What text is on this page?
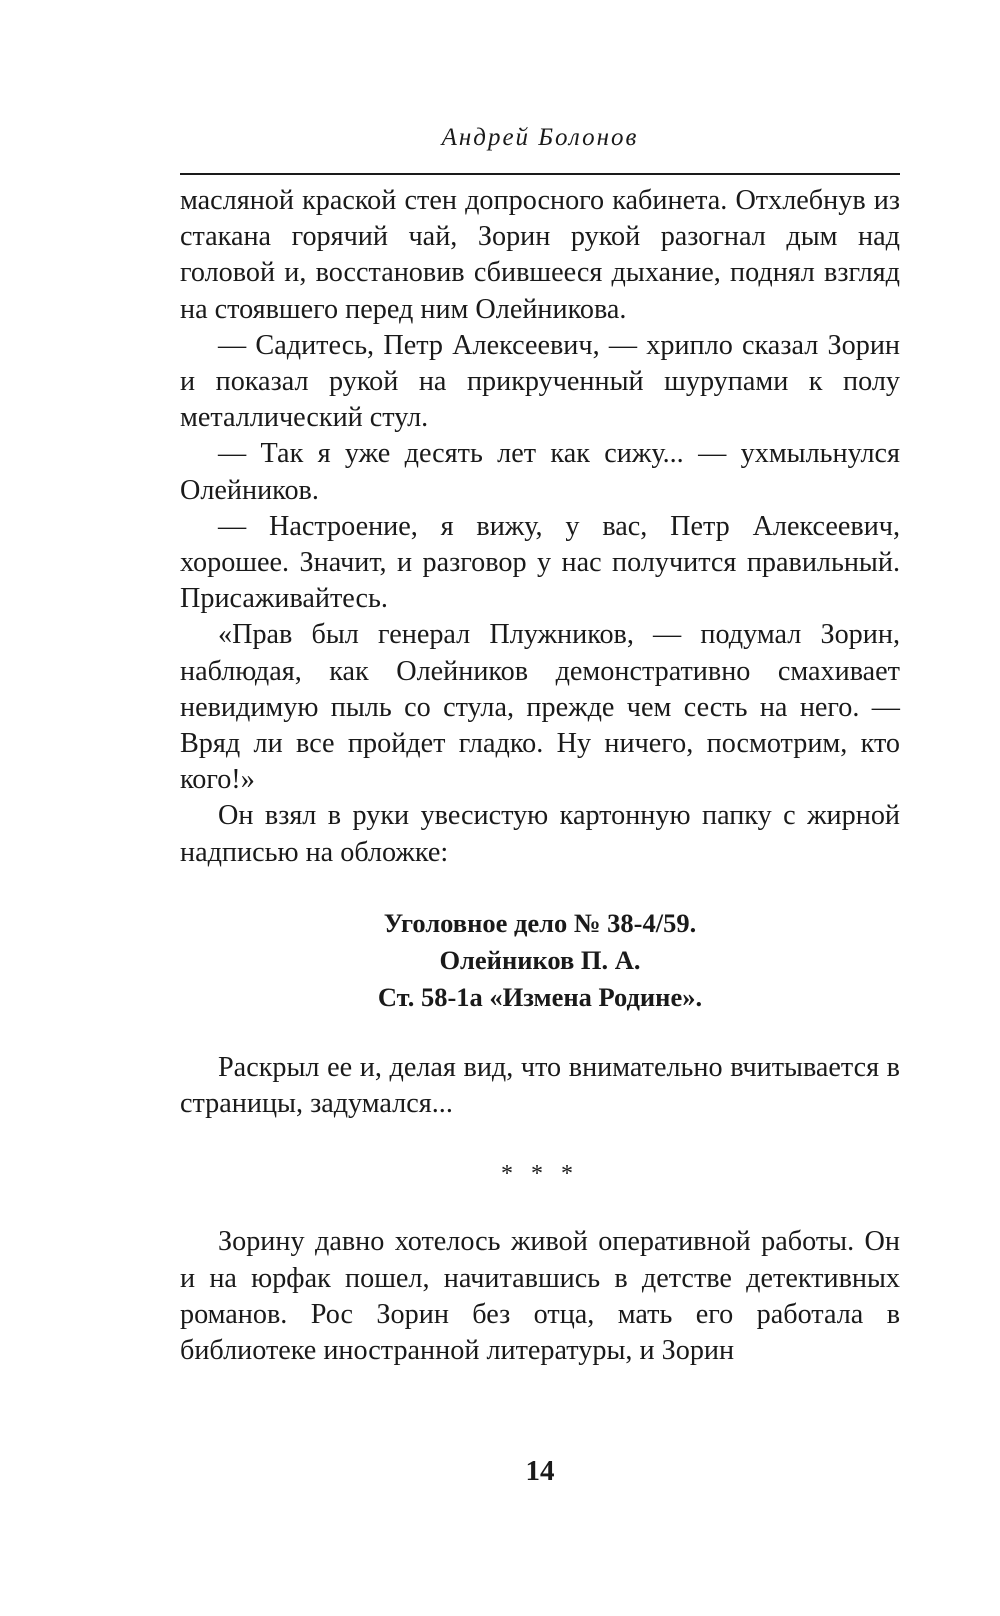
Андрей Болонов

масляной краской стен допросного кабинета. Отхлебнув из стакана горячий чай, Зорин рукой разогнал дым над головой и, восстановив сбившееся дыхание, поднял взгляд на стоявшего перед ним Олейникова.

— Садитесь, Петр Алексеевич, — хрипло сказал Зорин и показал рукой на прикрученный шурупами к полу металлический стул.

— Так я уже десять лет как сижу... — ухмыльнулся Олейников.

— Настроение, я вижу, у вас, Петр Алексеевич, хорошее. Значит, и разговор у нас получится правильный. Присаживайтесь.

«Прав был генерал Плужников, — подумал Зорин, наблюдая, как Олейников демонстративно смахивает невидимую пыль со стула, прежде чем сесть на него. — Вряд ли все пройдет гладко. Ну ничего, посмотрим, кто кого!»

Он взял в руки увесистую картонную папку с жирной надписью на обложке:

Уголовное дело № 38-4/59.
Олейников П. А.
Ст. 58-1а «Измена Родине».

Раскрыл ее и, делая вид, что внимательно вчитывается в страницы, задумался...

* * *

Зорину давно хотелось живой оперативной работы. Он и на юрфак пошел, начитавшись в детстве детективных романов. Рос Зорин без отца, мать его работала в библиотеке иностранной литературы, и Зорин

14
